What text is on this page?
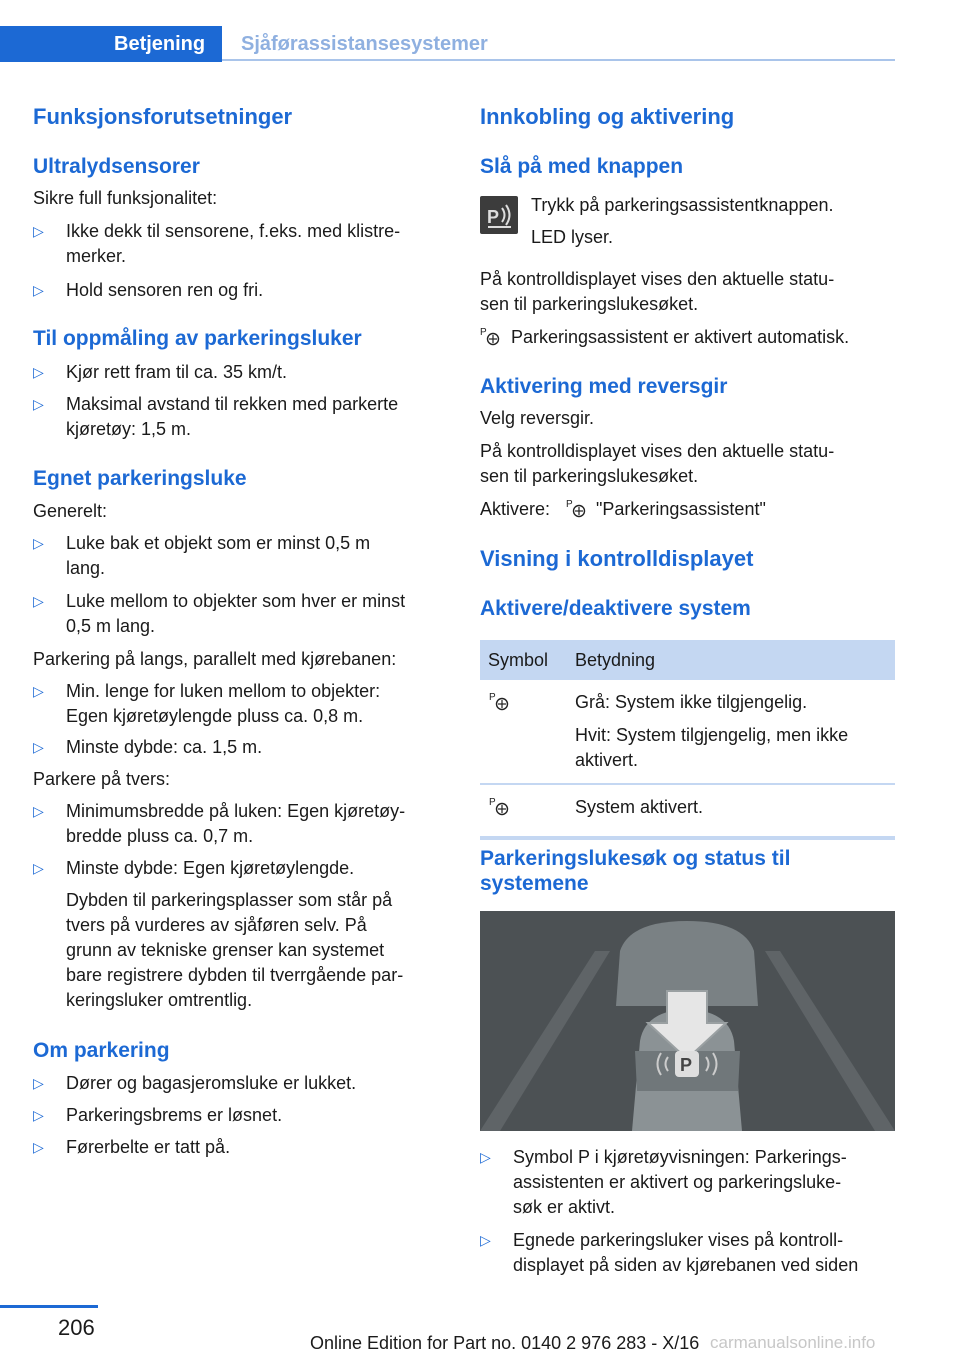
Betjening	Sjåførassistansesystemer
Funksjonsforutsetninger
Ultralydsensorer

Sikre full funksjonalitet:

▷ Ikke dekk til sensorene, f.eks. med klistre-
merker.
▷ Hold sensoren ren og fri.
Til oppmåling av parkeringsluker
▷ Kjør rett fram til ca. 35 km/t.
▷ Maksimal avstand til rekken med parkerte
kjøretøy: 1,5 m.
Egnet parkeringsluke

Generelt:

▷ Luke bak et objekt som er minst 0,5 m
lang.
▷ Luke mellom to objekter som hver er minst
0,5 m lang.

Parkering på langs, parallelt med kjørebanen:

▷ Min. lenge for luken mellom to objekter:
Egen kjøretøylengde pluss ca. 0,8 m.
▷ Minste dybde: ca. 1,5 m.

Parkere på tvers:

▷ Minimumsbredde på luken: Egen kjøretøy-
bredde pluss ca. 0,7 m.
▷ Minste dybde: Egen kjøretøylengde.
Dybden til parkeringsplasser som står på
tvers på vurderes av sjåføren selv. På
grunn av tekniske grenser kan systemet
bare registrere dybden til tverrgående par-
keringsluker omtrentlig.
Om parkering
▷ Dører og bagasjeromsluke er lukket.
▷ Parkeringsbrems er løsnet.
▷ Førerbelte er tatt på.
Innkobling og aktivering
Slå på med knappen
P

Trykk på parkeringsassistentknappen.

LED lyser.

På kontrolldisplayet vises den aktuelle statu-
sen til parkeringslukesøket.

P Parkeringsassistent er aktivert automatisk.

Aktivering med reversgir

Velg reversgir.

På kontrolldisplayet vises den aktuelle statu-
sen til parkeringslukesøket.

Aktivere: P "Parkeringsassistent"

Visning i kontrolldisplayet
Aktivere/deaktivere system
Symbol	Betydning

P	Grå: System ikke tilgjengelig.
Hvit: System tilgjengelig, men ikke aktivert.

P	System aktivert.
Parkeringslukesøk og status til
systemene
P
▷ Symbol P i kjøretøyvisningen: Parkerings-
assistenten er aktivert og parkeringsluke-
søk er aktivt.
▷ Egnede parkeringsluker vises på kontroll-
displayet på siden av kjørebanen ved siden
206
Online Edition for Part no. 0140 2 976 283 - X/16 carmanualsonline.info
